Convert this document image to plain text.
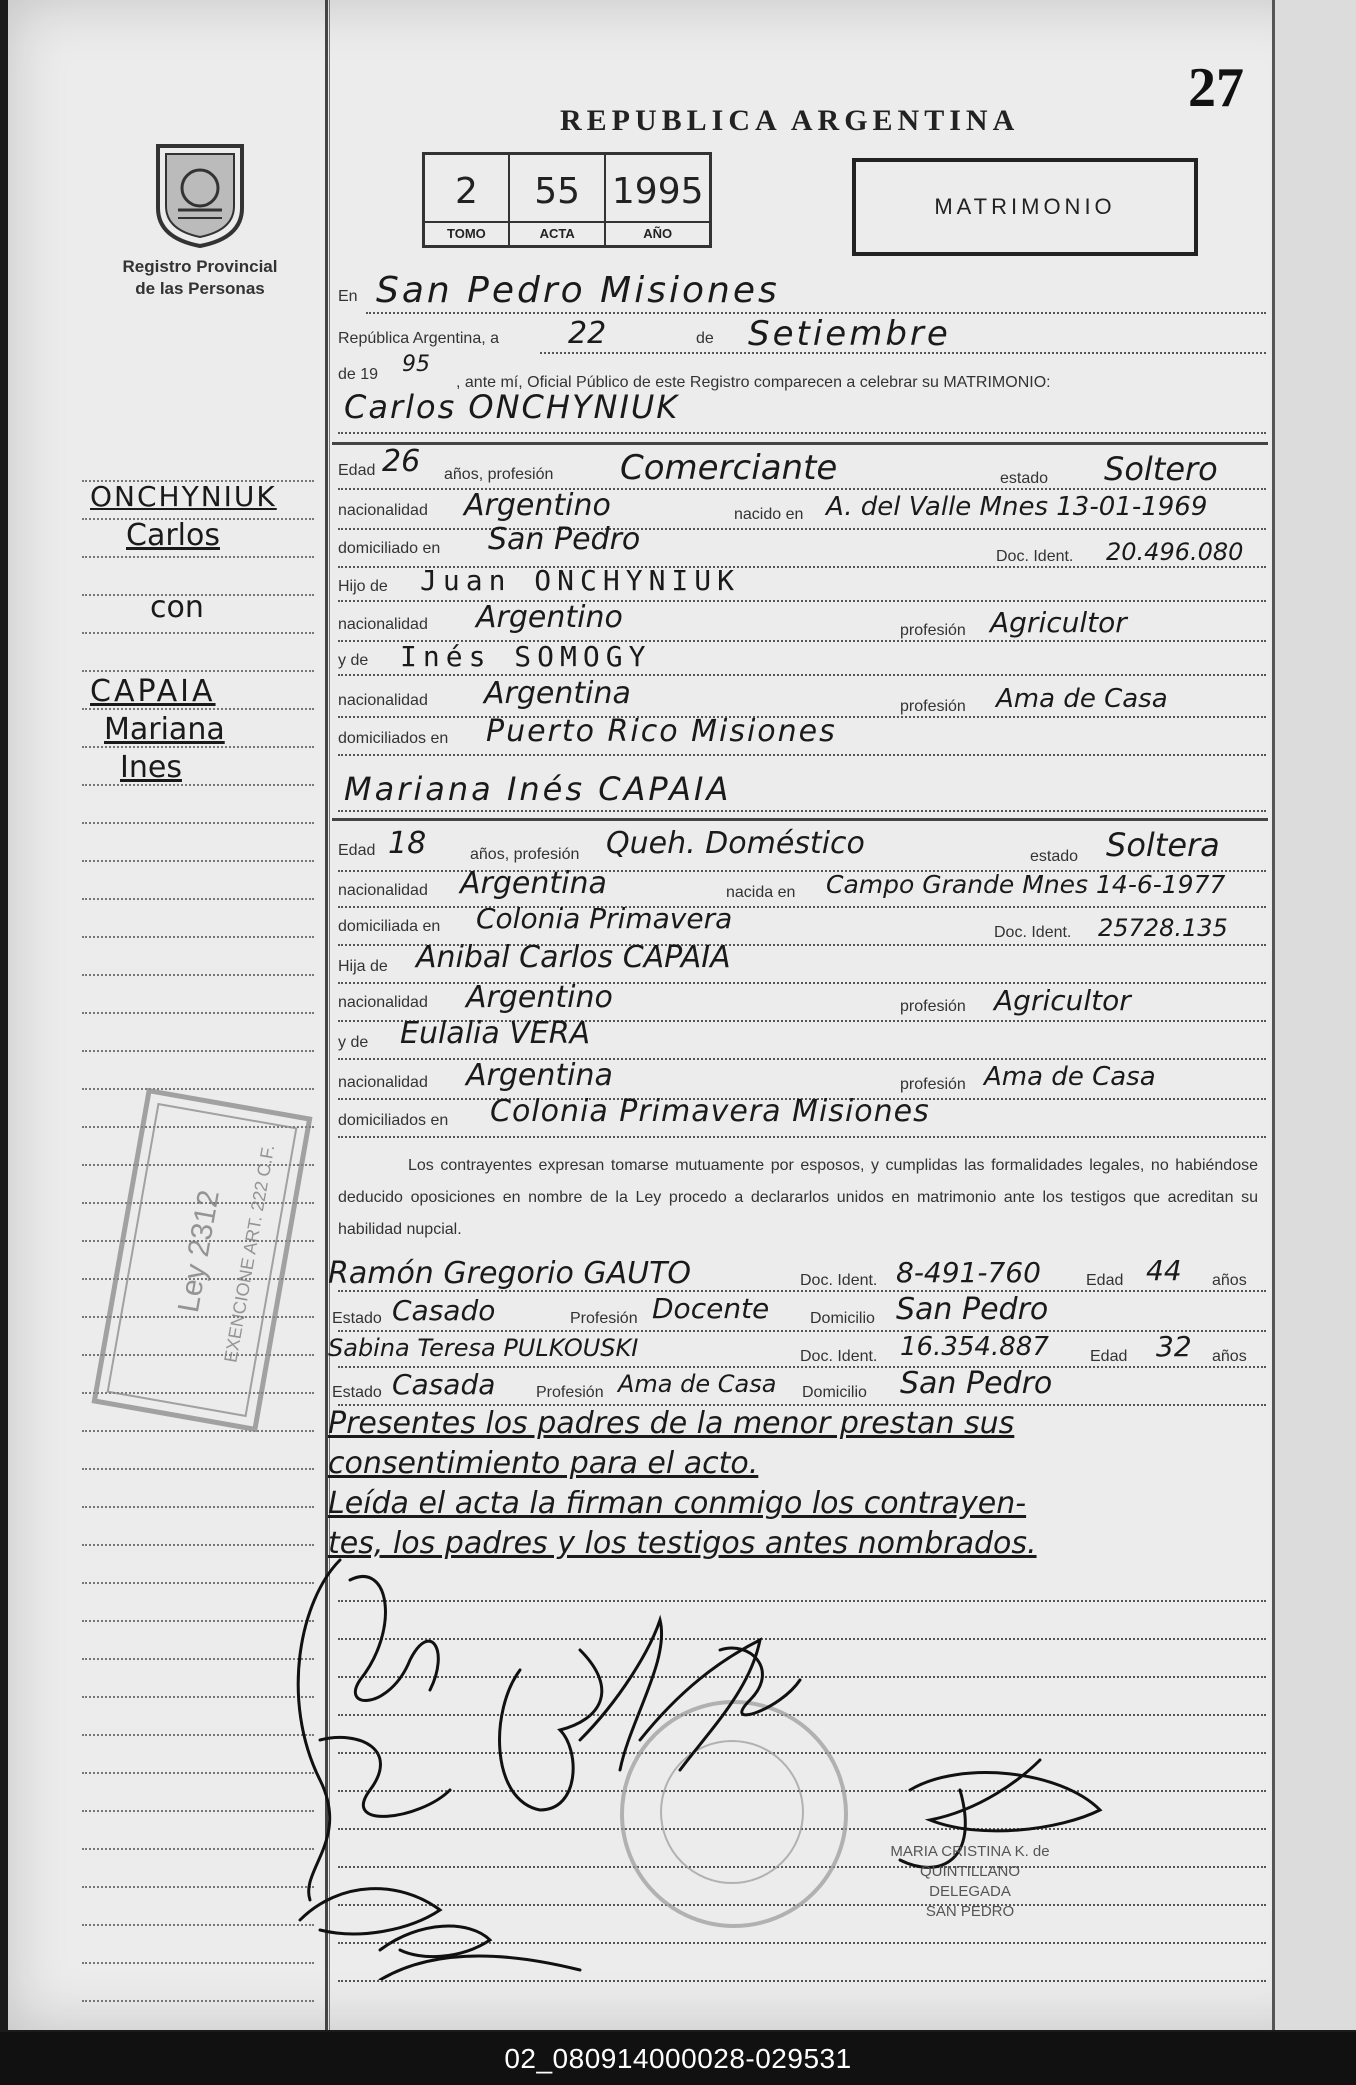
Registro Provincial
de las Personas
27
REPUBLICA ARGENTINA
2
TOMO
55
ACTA
1995
AÑO
MATRIMONIO
ONCHYNIUK
Carlos
con
CAPAIA
Mariana
Ines
En San Pedro Misiones
República Argentina, a 22	de Setiembre
de 19 95
, ante mí, Oficial Público de este Registro comparecen a celebrar su MATRIMONIO:
Carlos ONCHYNIUK
Edad 26 años, profesión Comerciante	estado Soltero
nacionalidad Argentino	nacido en A. del Valle Mnes 13-01-1969
domiciliado en San Pedro	Doc. Ident. 20.496.080
Hijo de Juan ONCHYNIUK
nacionalidad Argentino	profesión Agricultor
y de Inés SOMOGY
nacionalidad Argentina	profesión Ama de Casa
domiciliados en Puerto Rico Misiones
Mariana Inés CAPAIA
Edad 18	años, profesión Queh. Doméstico	estado Soltera
nacionalidad Argentina	nacida en Campo Grande Mnes 14-6-1977
domiciliada en Colonia Primavera	Doc. Ident. 25728.135
Hija de Anibal Carlos CAPAIA
nacionalidad Argentino	profesión Agricultor
y de Eulalia VERA
nacionalidad Argentina	profesión Ama de Casa
domiciliados en Colonia Primavera Misiones
Los contrayentes expresan tomarse mutuamente por esposos, y cumplidas las formalidades legales, no habiéndose deducido oposiciones en nombre de la Ley procedo a declararlos unidos en matrimonio ante los testigos que acreditan su habilidad nupcial.
Ramón Gregorio GAUTO	Doc. Ident. 8-491-760	Edad 44 años
Estado Casado	Profesión Docente	Domicilio San Pedro
Sabina Teresa PULKOUSKI	Doc. Ident. 16.354.887	Edad 32 años
Estado Casada	Profesión Ama de Casa Domicilio San Pedro
Presentes los padres de la menor prestan sus
consentimiento para el acto.
Leída el acta la firman conmigo los contrayen-
tes, los padres y los testigos antes nombrados.
Ley 2312
EXENCIONE ART. 222 C.F.
MARIA CRISTINA K. de QUINTILLANO
DELEGADA
SAN PEDRO
02_080914000028-029531
